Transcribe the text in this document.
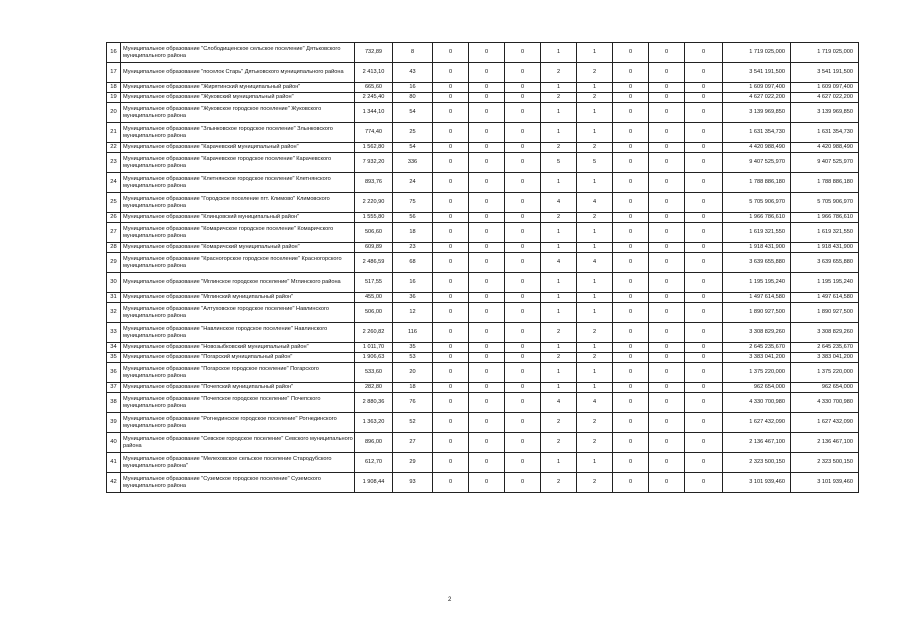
16	Муниципальное образование "Слободищенское сельское поселение" Дятьковского муниципального района	732,89	8	0	0	0	1	1	0	0	0	1 719 025,000	1 719 025,000
17	Муниципальное образование "поселок Старь" Дятьковского муниципального района	2 413,10	43	0	0	0	2	2	0	0	0	3 541 191,500	3 541 191,500
18	Муниципальное образование "Жирятинский муниципальный район"	665,60	16	0	0	0	1	1	0	0	0	1 609 097,400	1 609 097,400
19	Муниципальное образование "Жуковский муниципальный район"	2 245,40	80	0	0	0	2	2	0	0	0	4 627 022,200	4 627 022,200
20	Муниципальное образование "Жуковское городское поселение" Жуковского муниципального района	1 344,10	54	0	0	0	1	1	0	0	0	3 139 969,850	3 139 969,850
21	Муниципальное образование "Злынковское городское поселение" Злынковского муниципального района	774,40	25	0	0	0	1	1	0	0	0	1 631 354,730	1 631 354,730
22	Муниципальное образование "Карачевский муниципальный район"	1 562,80	54	0	0	0	2	2	0	0	0	4 420 988,490	4 420 988,490
23	Муниципальное образование "Карачевское городское поселение" Карачевского муниципального района	7 932,20	336	0	0	0	5	5	0	0	0	9 407 525,970	9 407 525,970
24	Муниципальное образование "Клетнянское городское поселение" Клетнянского муниципального района	893,76	24	0	0	0	1	1	0	0	0	1 788 886,180	1 788 886,180
25	Муниципальное образование "Городское поселение пгт. Климово" Климовского муниципального района	2 220,90	75	0	0	0	4	4	0	0	0	5 705 906,970	5 705 906,970
26	Муниципальное образование "Клинцовский муниципальный район"	1 555,80	56	0	0	0	2	2	0	0	0	1 966 786,610	1 966 786,610
27	Муниципальное образование "Комаричское городское поселение" Комаричского муниципального района	506,60	18	0	0	0	1	1	0	0	0	1 619 321,550	1 619 321,550
28	Муниципальное образование "Комаричский муниципальный район"	609,89	23	0	0	0	1	1	0	0	0	1 918 431,900	1 918 431,900
29	Муниципальное образование "Красногорское городское поселение" Красногорского муниципального района	2 486,59	68	0	0	0	4	4	0	0	0	3 639 655,880	3 639 655,880
30	Муниципальное образование "Мглинское городское поселение" Мглинского района	517,55	16	0	0	0	1	1	0	0	0	1 195 195,240	1 195 195,240
31	Муниципальное образование "Мглинский муниципальный район"	455,00	36	0	0	0	1	1	0	0	0	1 497 614,580	1 497 614,580
32	Муниципальное образование "Алтуховское городское поселение" Навлинского муниципального района	506,00	12	0	0	0	1	1	0	0	0	1 890 927,500	1 890 927,500
33	Муниципальное образование "Навлинское городское поселение" Навлинского муниципального района	2 260,82	116	0	0	0	2	2	0	0	0	3 308 829,260	3 308 829,260
34	Муниципальное образование "Новозыбковский муниципальный район"	1 011,70	35	0	0	0	1	1	0	0	0	2 645 235,670	2 645 235,670
35	Муниципальное образование "Погарский муниципальный район"	1 906,63	53	0	0	0	2	2	0	0	0	3 383 041,200	3 383 041,200
36	Муниципальное образование "Погарское городское поселение" Погарского муниципального района	533,60	20	0	0	0	1	1	0	0	0	1 375 220,000	1 375 220,000
37	Муниципальное образование "Почепский муниципальный район"	282,80	18	0	0	0	1	1	0	0	0	962 654,000	962 654,000
38	Муниципальное образование "Почепское городское поселение" Почепского муниципального района	2 880,36	76	0	0	0	4	4	0	0	0	4 330 700,980	4 330 700,980
39	Муниципальное образование "Рогнединское городское поселение" Рогнединского муниципального района	1 363,20	52	0	0	0	2	2	0	0	0	1 627 432,090	1 627 432,090
40	Муниципальное образование "Севское городское поселение" Севского муниципального района	896,00	27	0	0	0	2	2	0	0	0	2 136 467,100	2 136 467,100
41	Муниципальное образование "Мелеховское сельское поселение Стародубского муниципального района"	612,70	29	0	0	0	1	1	0	0	0	2 323 500,150	2 323 500,150
42	Муниципальное образование "Суземское городское поселение" Суземского муниципального района	1 908,44	93	0	0	0	2	2	0	0	0	3 101 939,460	3 101 939,460
2
